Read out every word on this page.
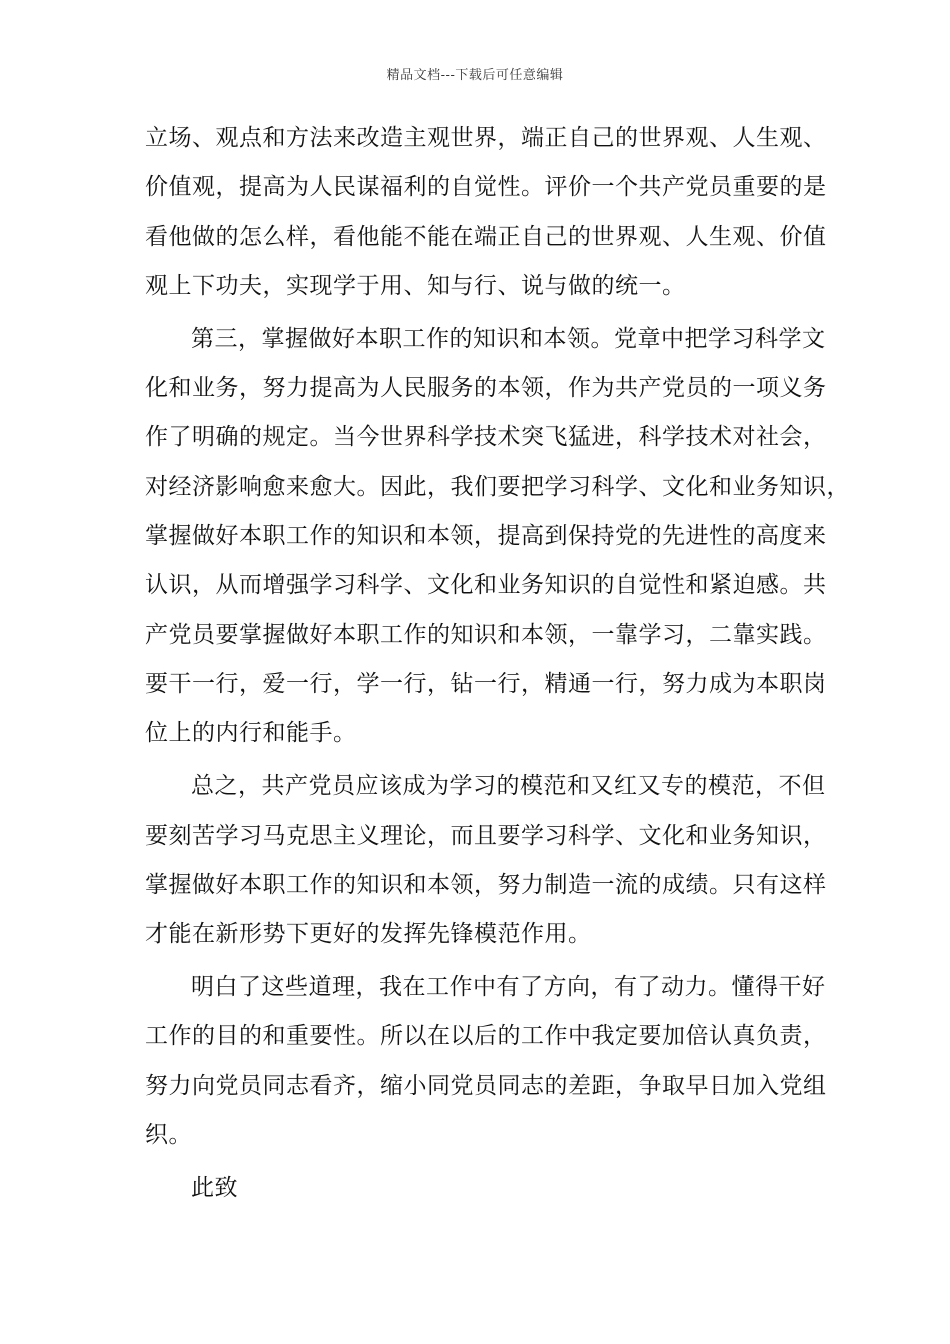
精品文档---下载后可任意编辑
立场、观点和方法来改造主观世界，端正自己的世界观、人生观、
价值观，提高为人民谋福利的自觉性。评价一个共产党员重要的是
看他做的怎么样，看他能不能在端正自己的世界观、人生观、价值
观上下功夫，实现学于用、知与行、说与做的统一。
第三，掌握做好本职工作的知识和本领。党章中把学习科学文
化和业务，努力提高为人民服务的本领，作为共产党员的一项义务
作了明确的规定。当今世界科学技术突飞猛进，科学技术对社会，
对经济影响愈来愈大。因此，我们要把学习科学、文化和业务知识，
掌握做好本职工作的知识和本领，提高到保持党的先进性的高度来
认识，从而增强学习科学、文化和业务知识的自觉性和紧迫感。共
产党员要掌握做好本职工作的知识和本领，一靠学习，二靠实践。
要干一行，爱一行，学一行，钻一行，精通一行，努力成为本职岗
位上的内行和能手。
总之，共产党员应该成为学习的模范和又红又专的模范，不但
要刻苦学习马克思主义理论，而且要学习科学、文化和业务知识，
掌握做好本职工作的知识和本领，努力制造一流的成绩。只有这样
才能在新形势下更好的发挥先锋模范作用。
明白了这些道理，我在工作中有了方向，有了动力。懂得干好
工作的目的和重要性。所以在以后的工作中我定要加倍认真负责，
努力向党员同志看齐，缩小同党员同志的差距，争取早日加入党组
织。
此致
